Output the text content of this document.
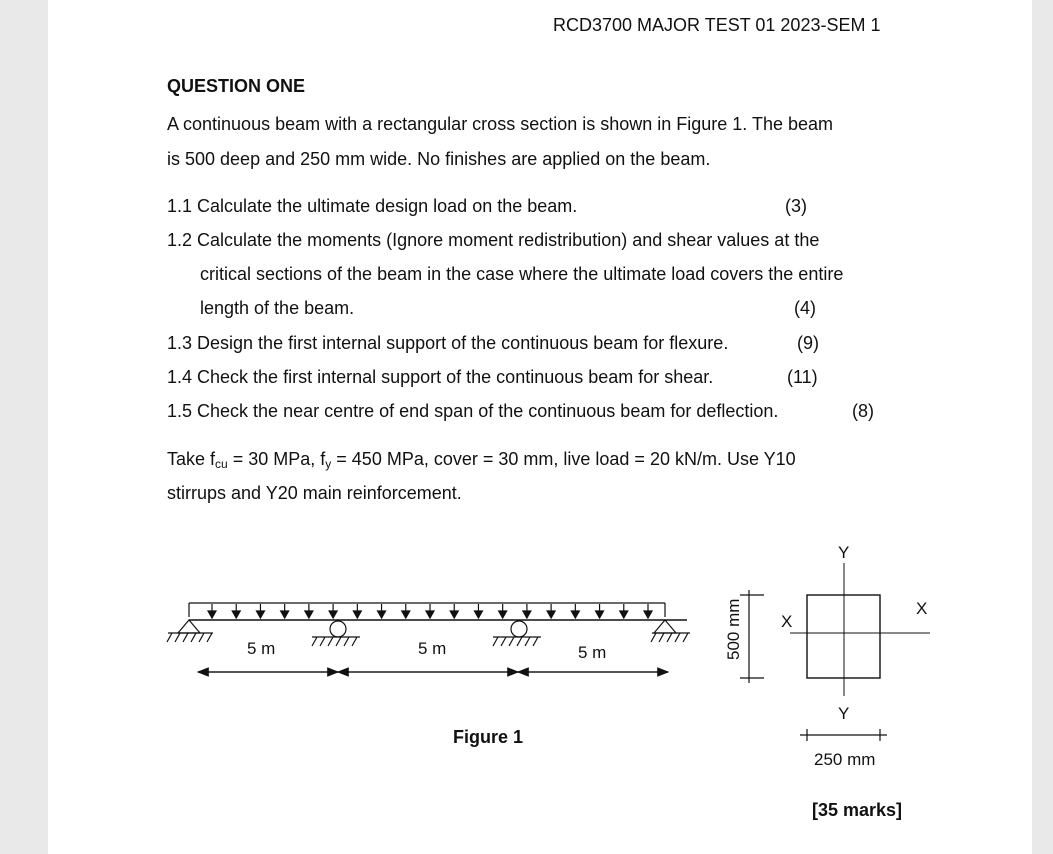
RCD3700 MAJOR TEST 01 2023-SEM 1
QUESTION ONE
A continuous beam with a rectangular cross section is shown in Figure 1. The beam
is 500 deep and 250 mm wide. No finishes are applied on the beam.
1.1 Calculate the ultimate design load on the beam.	(3)
1.2 Calculate the moments (Ignore moment redistribution) and shear values at the
critical sections of the beam in the case where the ultimate load covers the entire
length of the beam.	(4)
1.3 Design the first internal support of the continuous beam for flexure.	(9)
1.4 Check the first internal support of the continuous beam for shear.	(11)
1.5 Check the near centre of end span of the continuous beam for deflection.	(8)
Take $f_{cu} = 30$ MPa, $f_y = 450$ MPa, cover = 30 mm, live load = 20 kN/m. Use Y10
stirrups and Y20 main reinforcement.
5 m	5 m	5 m	500 mm
Y
Y
X
X
250 mm
Figure 1
[35 marks]
